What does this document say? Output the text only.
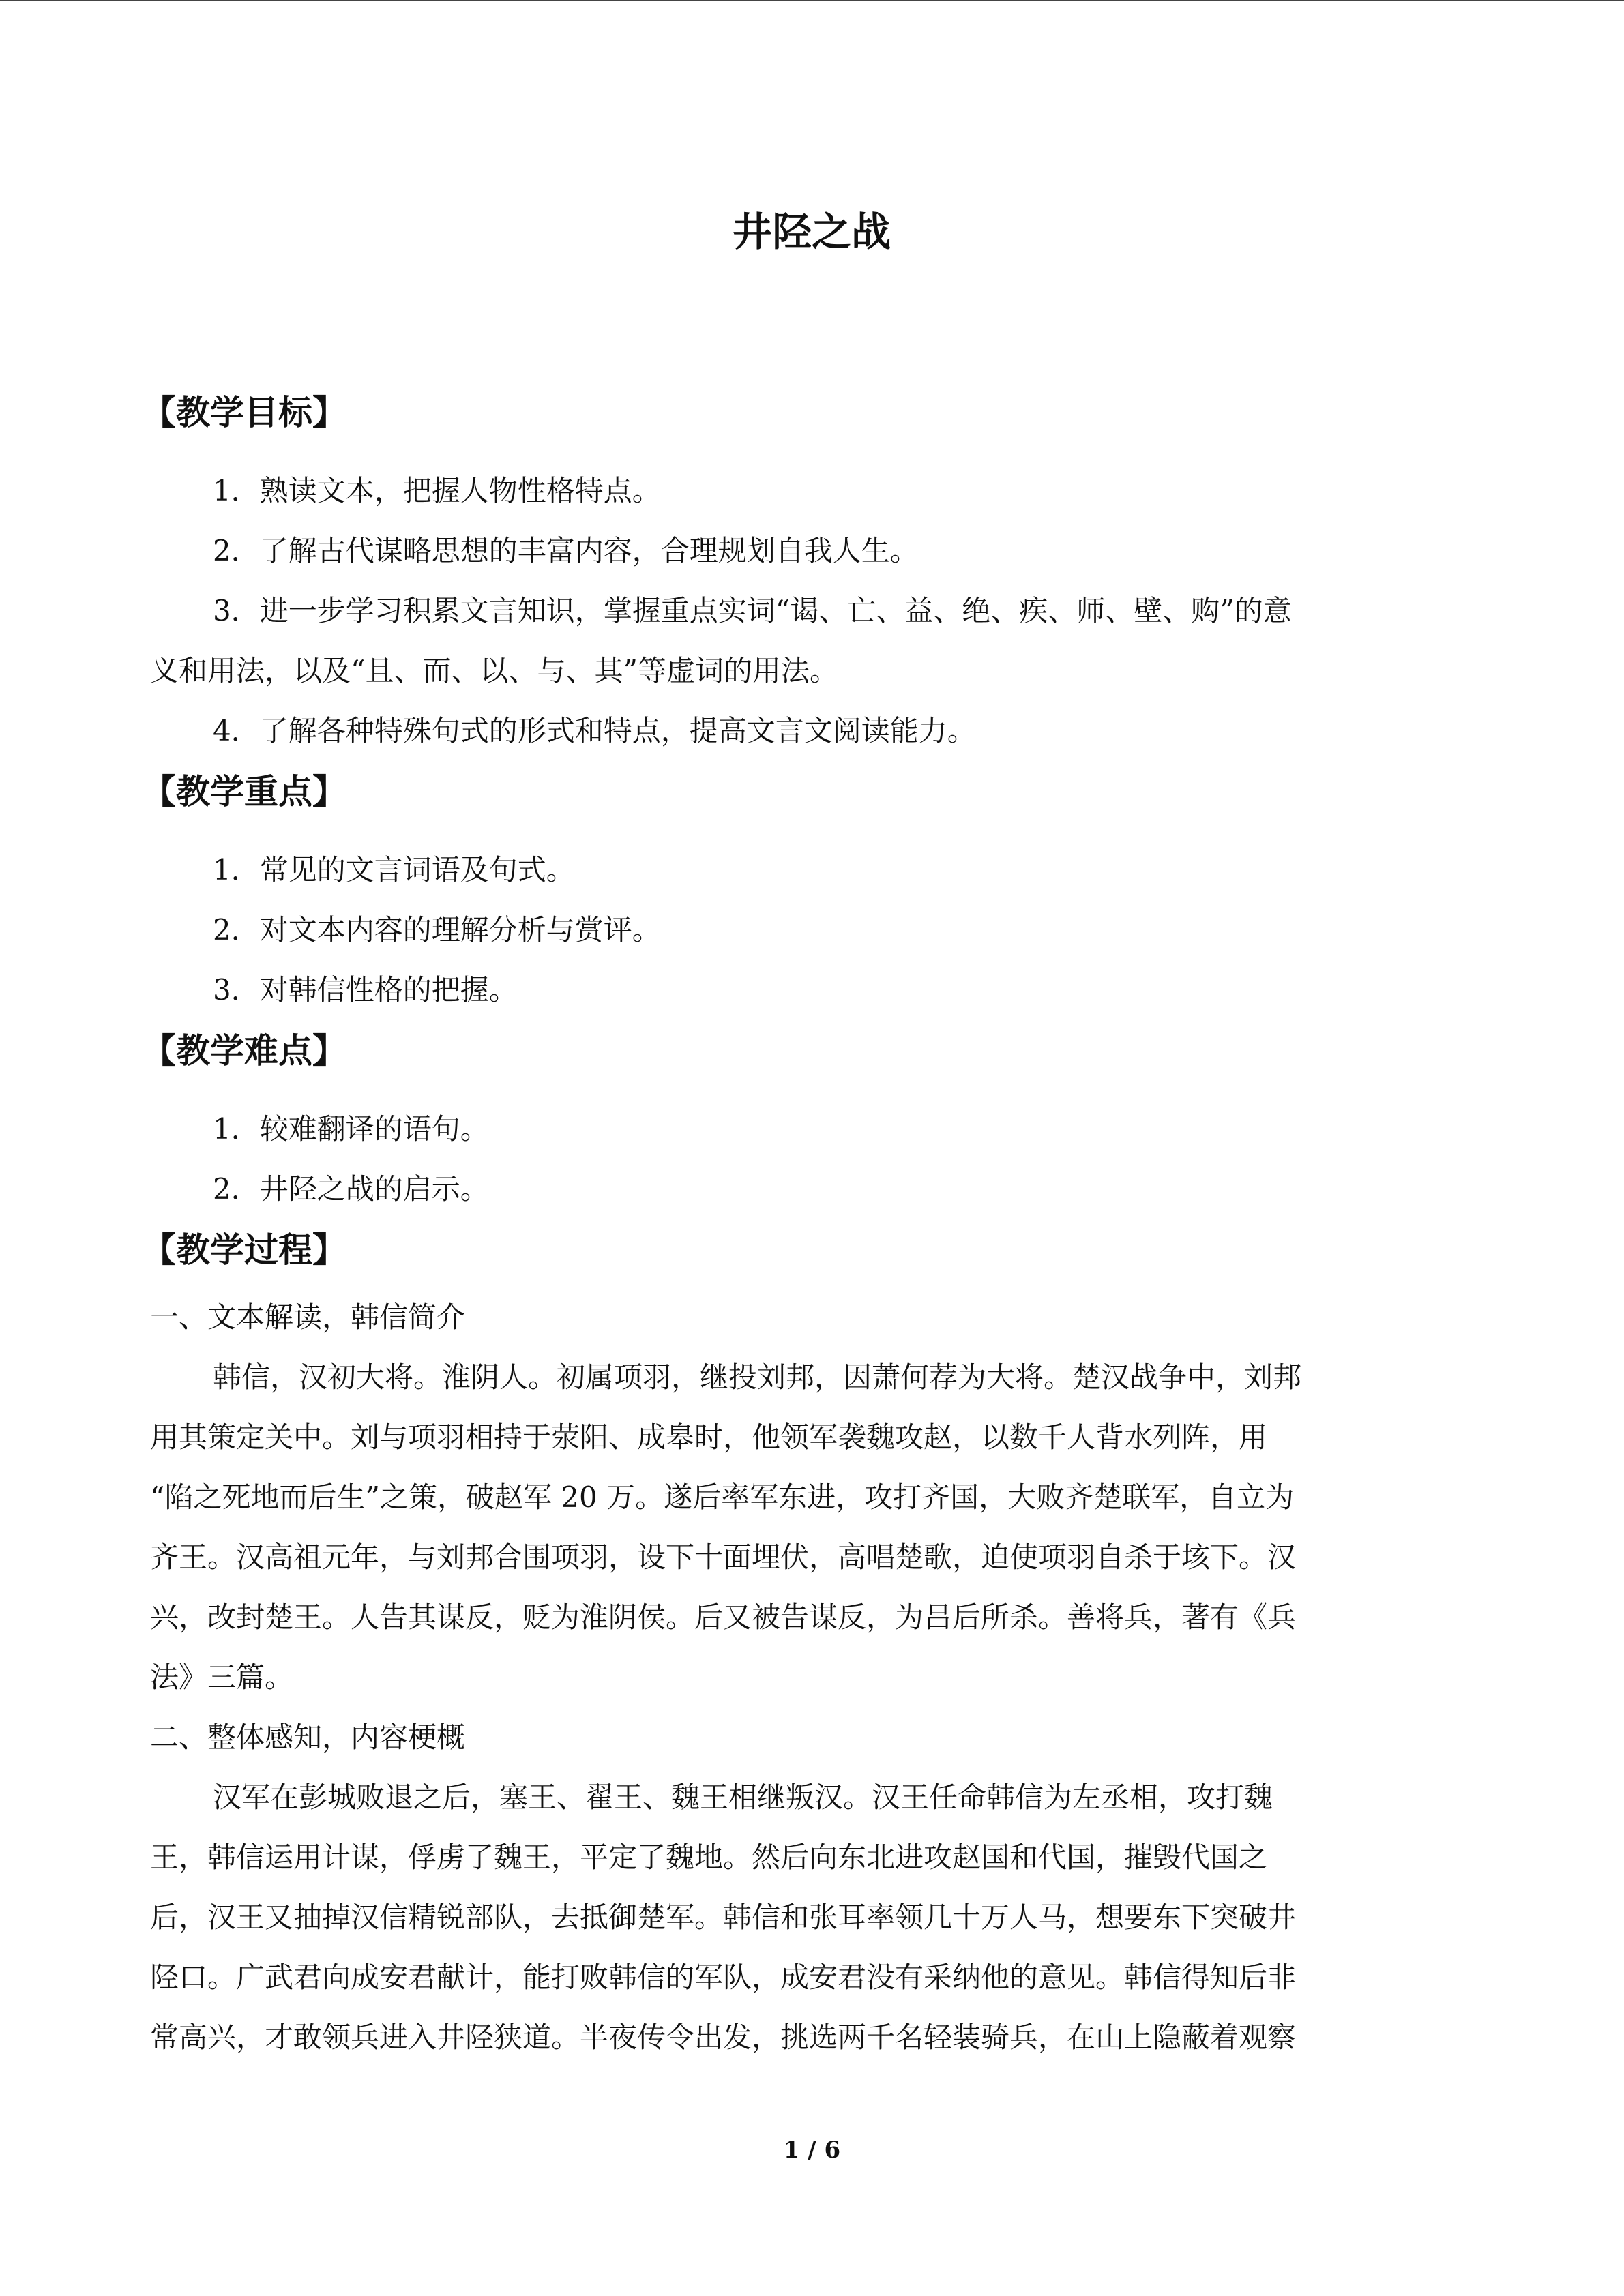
井陉之战
【教学目标】

1．熟读文本，把握人物性格特点。

2．了解古代谋略思想的丰富内容，合理规划自我人生。

3．进一步学习积累文言知识，掌握重点实词“谒、亡、益、绝、疾、师、壁、购”的意

义和用法，以及“且、而、以、与、其”等虚词的用法。

4．了解各种特殊句式的形式和特点，提高文言文阅读能力。

【教学重点】

1．常见的文言词语及句式。

2．对文本内容的理解分析与赏评。

3．对韩信性格的把握。

【教学难点】

1．较难翻译的语句。

2．井陉之战的启示。

【教学过程】

一、文本解读，韩信简介

韩信，汉初大将。淮阴人。初属项羽，继投刘邦，因萧何荐为大将。楚汉战争中，刘邦
用其策定关中。刘与项羽相持于荥阳、成皋时，他领军袭魏攻赵，以数千人背水列阵，用
“陷之死地而后生”之策，破赵军 20 万。遂后率军东进，攻打齐国，大败齐楚联军，自立为
齐王。汉高祖元年，与刘邦合围项羽，设下十面埋伏，高唱楚歌，迫使项羽自杀于垓下。汉
兴，改封楚王。人告其谋反，贬为淮阴侯。后又被告谋反，为吕后所杀。善将兵，著有《兵
法》三篇。

二、整体感知，内容梗概

汉军在彭城败退之后，塞王、翟王、魏王相继叛汉。汉王任命韩信为左丞相，攻打魏
王，韩信运用计谋，俘虏了魏王，平定了魏地。然后向东北进攻赵国和代国，摧毁代国之
后，汉王又抽掉汉信精锐部队，去抵御楚军。韩信和张耳率领几十万人马，想要东下突破井
陉口。广武君向成安君献计，能打败韩信的军队，成安君没有采纳他的意见。韩信得知后非
常高兴，才敢领兵进入井陉狭道。半夜传令出发，挑选两千名轻装骑兵，在山上隐蔽着观察

1 / 6
